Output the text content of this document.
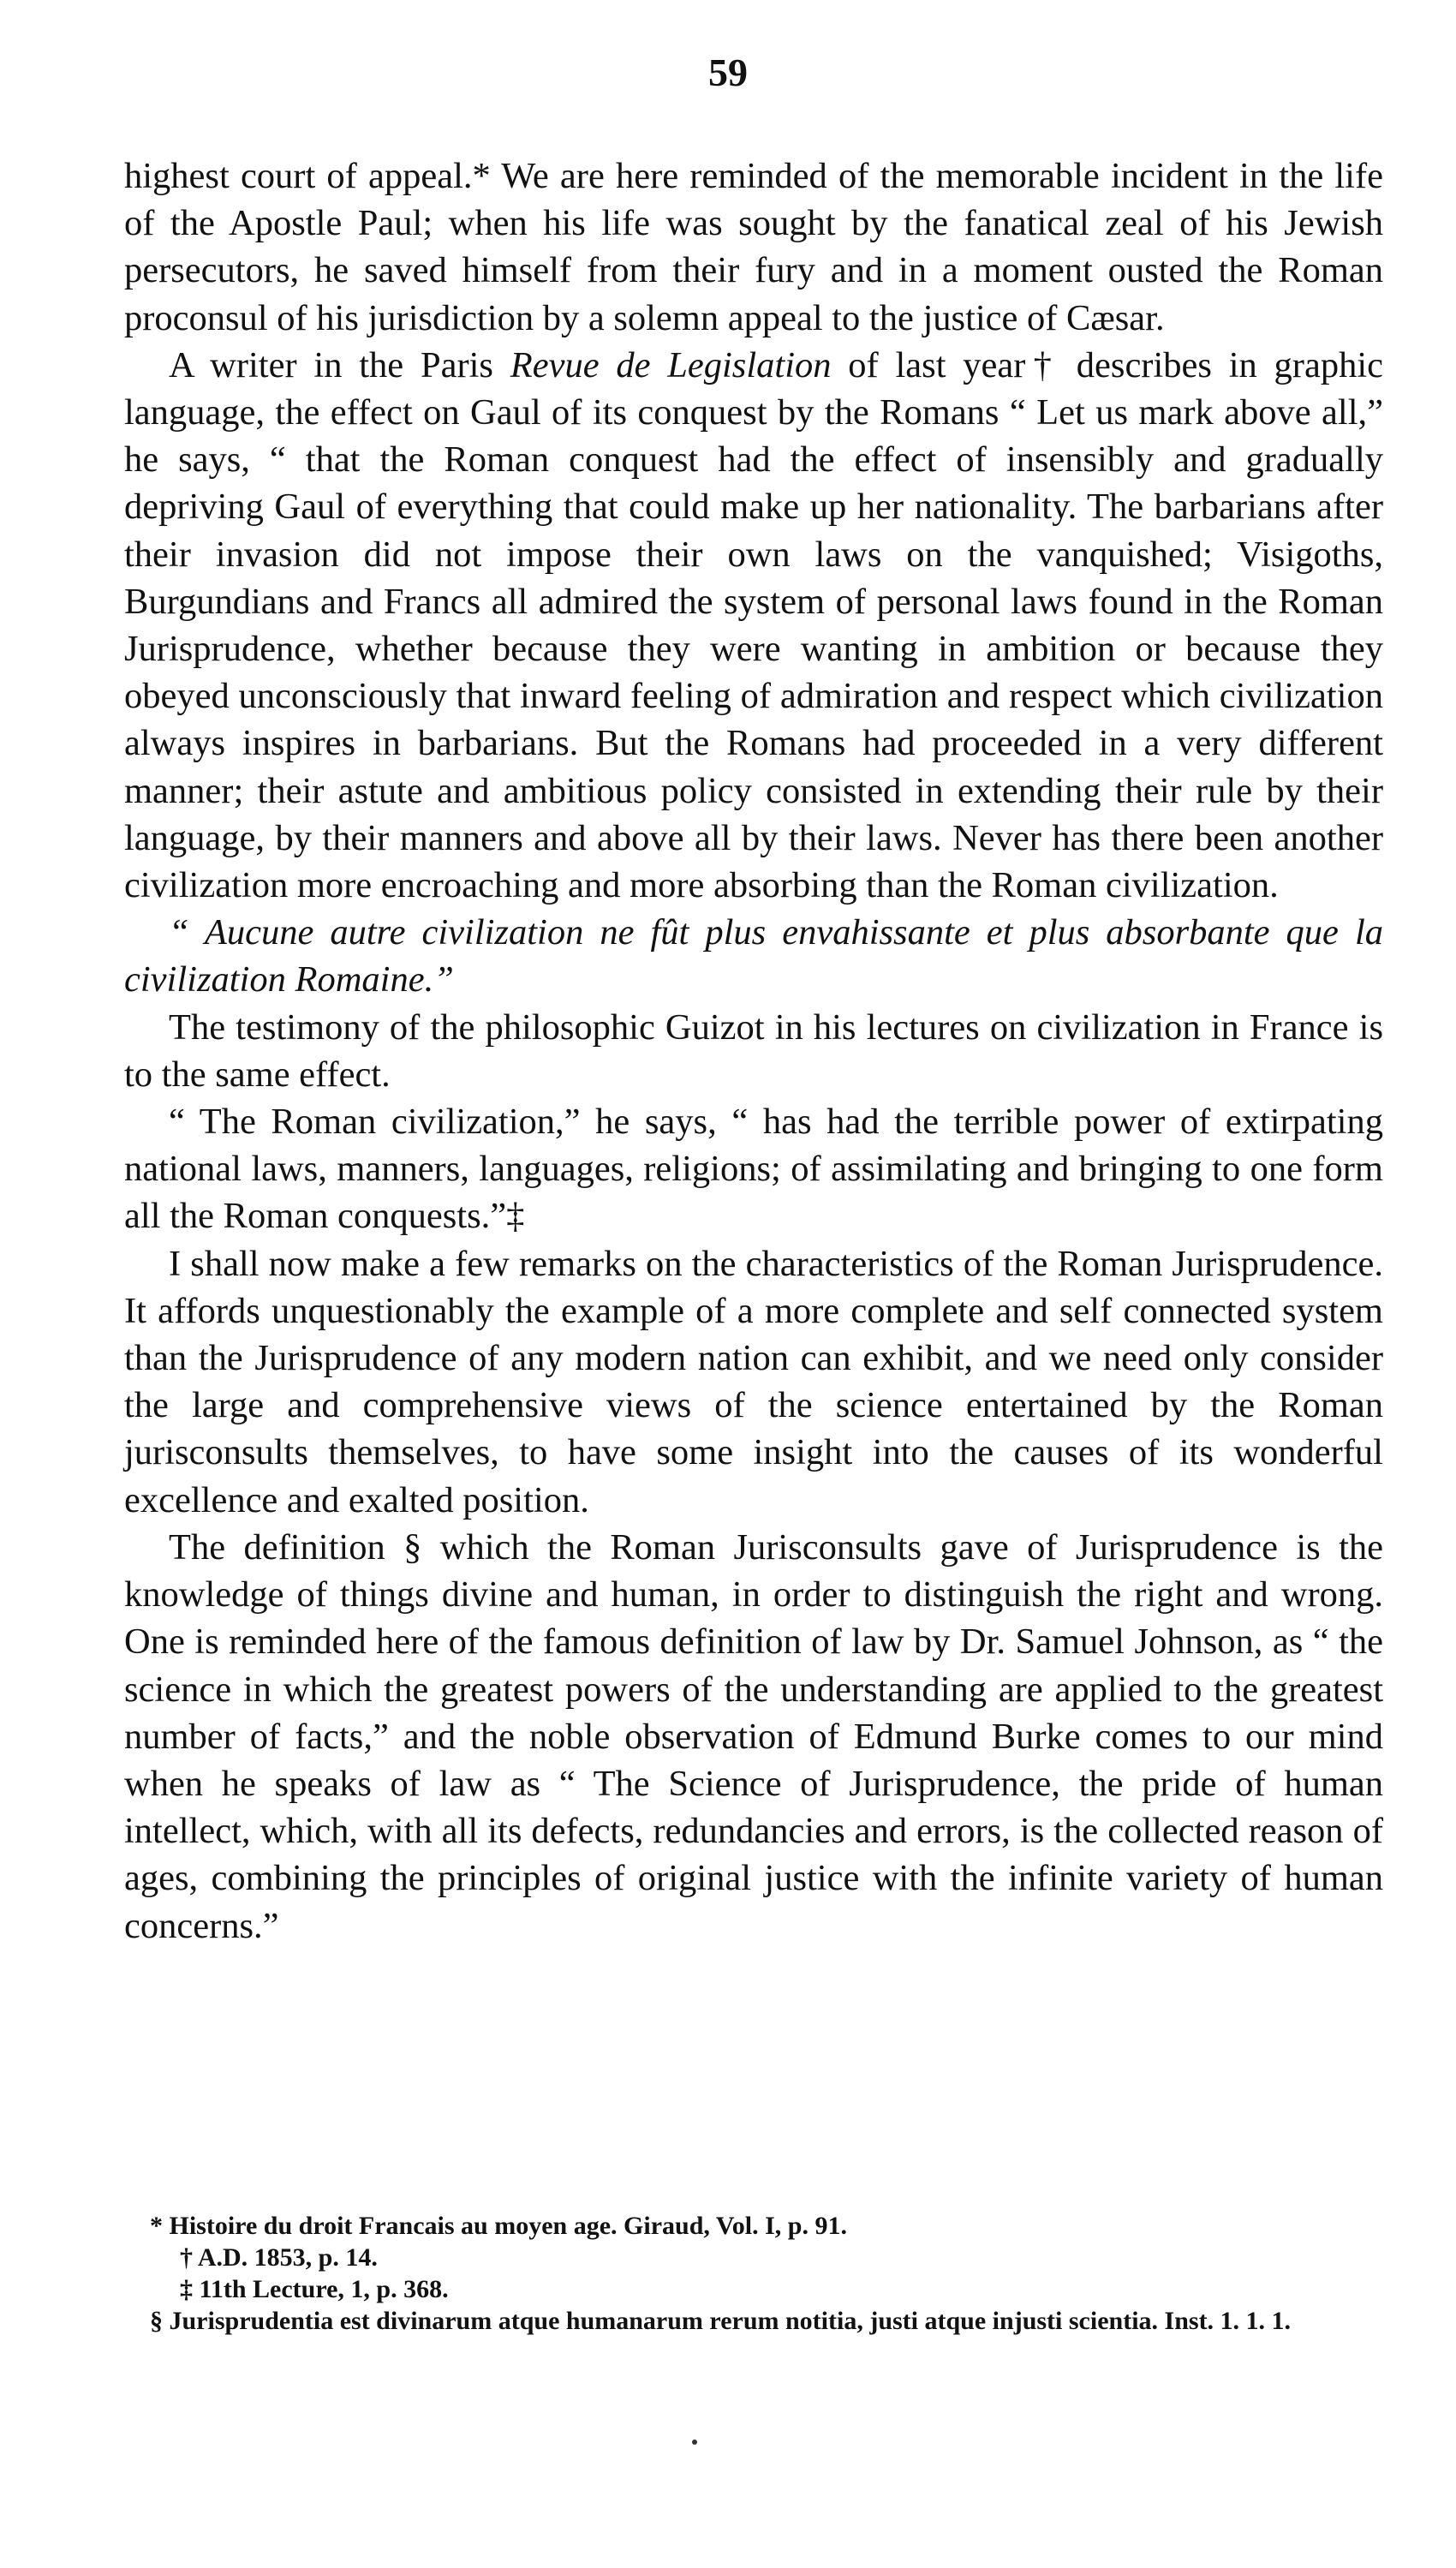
59

highest court of appeal.* We are here reminded of the memorable incident in the life of the Apostle Paul; when his life was sought by the fanatical zeal of his Jewish persecutors, he saved himself from their fury and in a moment ousted the Roman proconsul of his jurisdiction by a solemn appeal to the justice of Cæsar.

A writer in the Paris Revue de Legislation of last year† describes in graphic language, the effect on Gaul of its conquest by the Romans “ Let us mark above all,” he says, “ that the Roman conquest had the effect of insensibly and gradually depriving Gaul of everything that could make up her nationality. The barbarians after their invasion did not impose their own laws on the vanquished; Visigoths, Burgundians and Francs all admired the system of personal laws found in the Roman Jurisprudence, whether because they were wanting in ambition or because they obeyed unconsciously that inward feeling of admiration and respect which civilization always inspires in barbarians. But the Romans had proceeded in a very different manner; their astute and ambitious policy consisted in extending their rule by their language, by their manners and above all by their laws. Never has there been another civilization more encroaching and more absorbing than the Roman civilization.

“ Aucune autre civilization ne fût plus envahissante et plus absorbante que la civilization Romaine.”

The testimony of the philosophic Guizot in his lectures on civilization in France is to the same effect.

“ The Roman civilization,” he says, “ has had the terrible power of extirpating national laws, manners, languages, religions; of assimilating and bringing to one form all the Roman conquests.”‡

I shall now make a few remarks on the characteristics of the Roman Jurisprudence. It affords unquestionably the example of a more complete and self connected system than the Jurisprudence of any modern nation can exhibit, and we need only consider the large and comprehensive views of the science entertained by the Roman jurisconsults themselves, to have some insight into the causes of its wonderful excellence and exalted position.

The definition § which the Roman Jurisconsults gave of Jurisprudence is the knowledge of things divine and human, in order to distinguish the right and wrong. One is reminded here of the famous definition of law by Dr. Samuel Johnson, as “ the science in which the greatest powers of the understanding are applied to the greatest number of facts,” and the noble observation of Edmund Burke comes to our mind when he speaks of law as “ The Science of Jurisprudence, the pride of human intellect, which, with all its defects, redundancies and errors, is the collected reason of ages, combining the principles of original justice with the infinite variety of human concerns.”

* Histoire du droit Francais au moyen age. Giraud, Vol. I, p. 91.
† A.D. 1853, p. 14.
‡ 11th Lecture, 1, p. 368.
§ Jurisprudentia est divinarum atque humanarum rerum notitia, justi atque injusti scientia. Inst. 1. 1. 1.
